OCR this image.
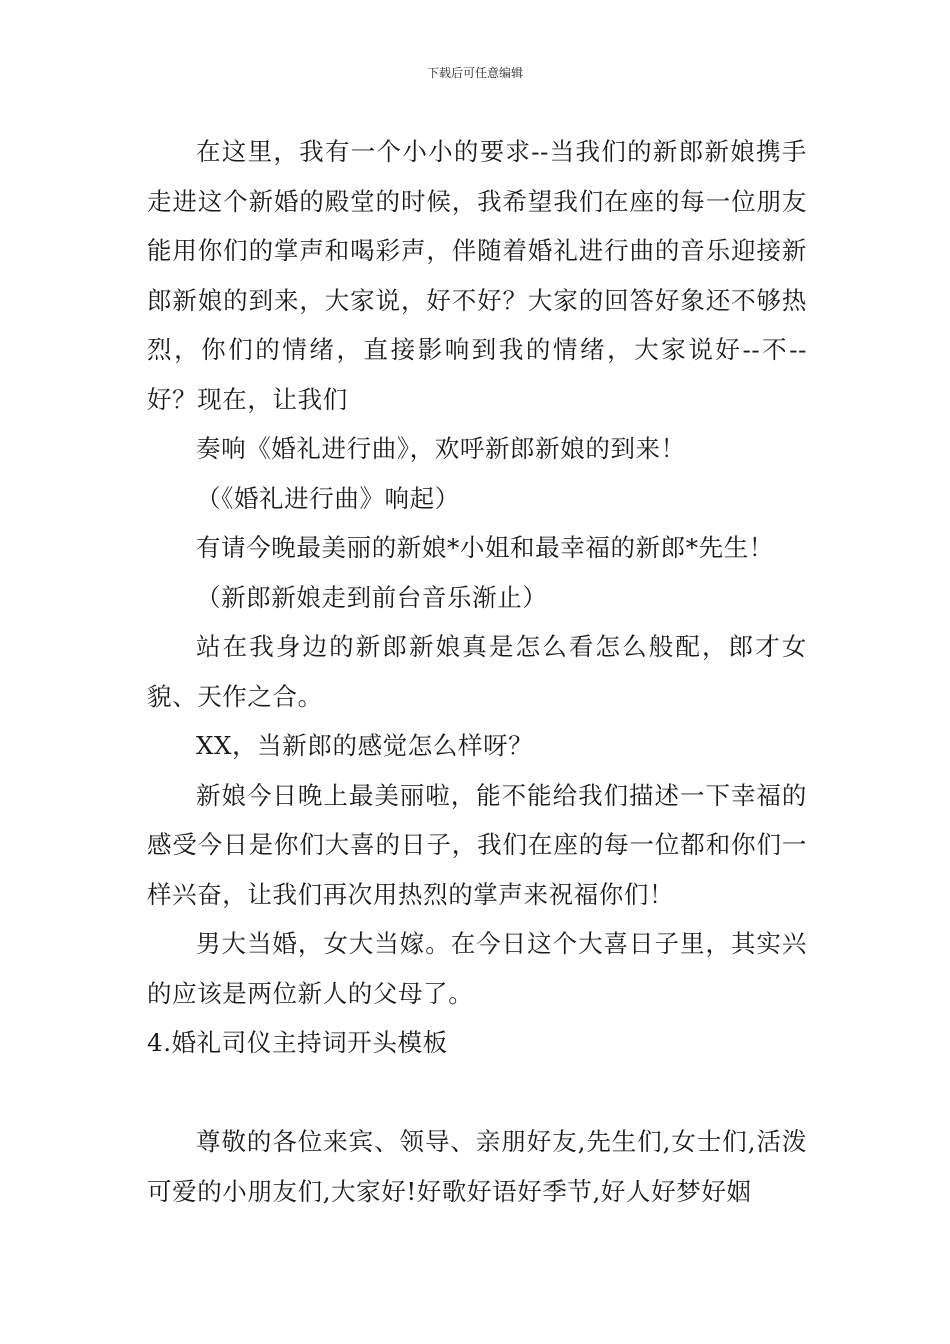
下载后可任意编辑

在这里，我有一个小小的要求--当我们的新郎新娘携手走进这个新婚的殿堂的时候，我希望我们在座的每一位朋友能用你们的掌声和喝彩声，伴随着婚礼进行曲的音乐迎接新郎新娘的到来，大家说，好不好？大家的回答好象还不够热烈，你们的情绪，直接影响到我的情绪，大家说好--不--好？现在，让我们

奏响《婚礼进行曲》，欢呼新郎新娘的到来！

（《婚礼进行曲》响起）

有请今晚最美丽的新娘*小姐和最幸福的新郎*先生！

（新郎新娘走到前台音乐渐止）

站在我身边的新郎新娘真是怎么看怎么般配，郎才女貌、天作之合。

XX，当新郎的感觉怎么样呀？

新娘今日晚上最美丽啦，能不能给我们描述一下幸福的感受今日是你们大喜的日子，我们在座的每一位都和你们一样兴奋，让我们再次用热烈的掌声来祝福你们！

男大当婚，女大当嫁。在今日这个大喜日子里，其实兴的应该是两位新人的父母了。

4.婚礼司仪主持词开头模板

尊敬的各位来宾、领导、亲朋好友,先生们,女士们,活泼可爱的小朋友们,大家好!好歌好语好季节,好人好梦好姻
